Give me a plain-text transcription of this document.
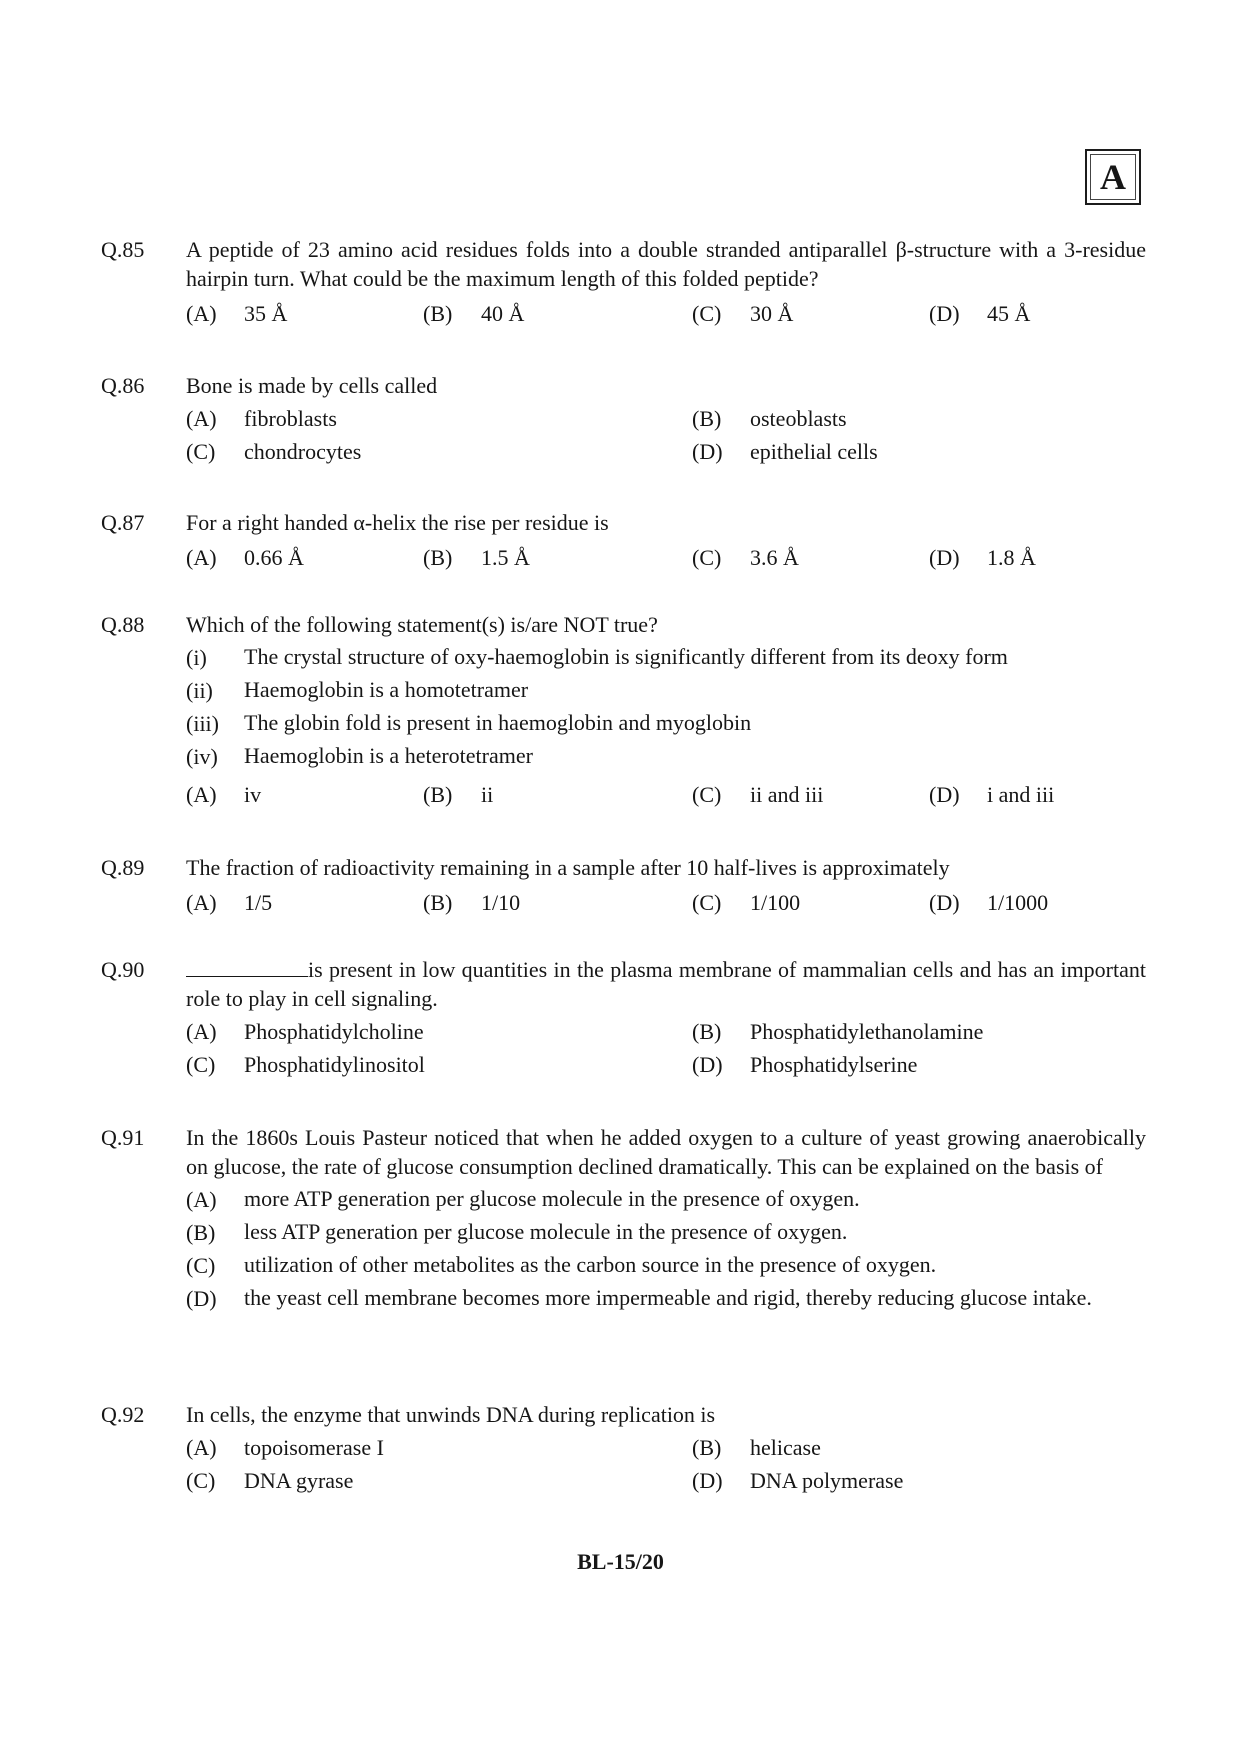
A
Q.85	A peptide of 23 amino acid residues folds into a double stranded antiparallel β-structure with a 3-residue hairpin turn. What could be the maximum length of this folded peptide?
(A) 35 Å	(B) 40 Å	(C) 30 Å	(D) 45 Å
Q.86	Bone is made by cells called
(A) fibroblasts	(B) osteoblasts
(C) chondrocytes	(D) epithelial cells
Q.87	For a right handed α-helix the rise per residue is
(A) 0.66 Å	(B) 1.5 Å	(C) 3.6 Å	(D) 1.8 Å
Q.88	Which of the following statement(s) is/are NOT true?
(i)	The crystal structure of oxy-haemoglobin is significantly different from its deoxy form
(ii)	Haemoglobin is a homotetramer
(iii)	The globin fold is present in haemoglobin and myoglobin
(iv)	Haemoglobin is a heterotetramer
(A) iv	(B) ii	(C) ii and iii	(D) i and iii
Q.89	The fraction of radioactivity remaining in a sample after 10 half-lives is approximately
(A) 1/5	(B) 1/10	(C) 1/100	(D) 1/1000
Q.90	is present in low quantities in the plasma membrane of mammalian cells and has an important role to play in cell signaling.
(A) Phosphatidylcholine	(B) Phosphatidylethanolamine
(C) Phosphatidylinositol	(D) Phosphatidylserine
Q.91	In the 1860s Louis Pasteur noticed that when he added oxygen to a culture of yeast growing anaerobically on glucose, the rate of glucose consumption declined dramatically. This can be explained on the basis of
(A)	more ATP generation per glucose molecule in the presence of oxygen.
(B)	less ATP generation per glucose molecule in the presence of oxygen.
(C)	utilization of other metabolites as the carbon source in the presence of oxygen.
(D)	the yeast cell membrane becomes more impermeable and rigid, thereby reducing glucose intake.
Q.92	In cells, the enzyme that unwinds DNA during replication is
(A) topoisomerase I	(B) helicase
(C) DNA gyrase	(D) DNA polymerase
BL-15/20
